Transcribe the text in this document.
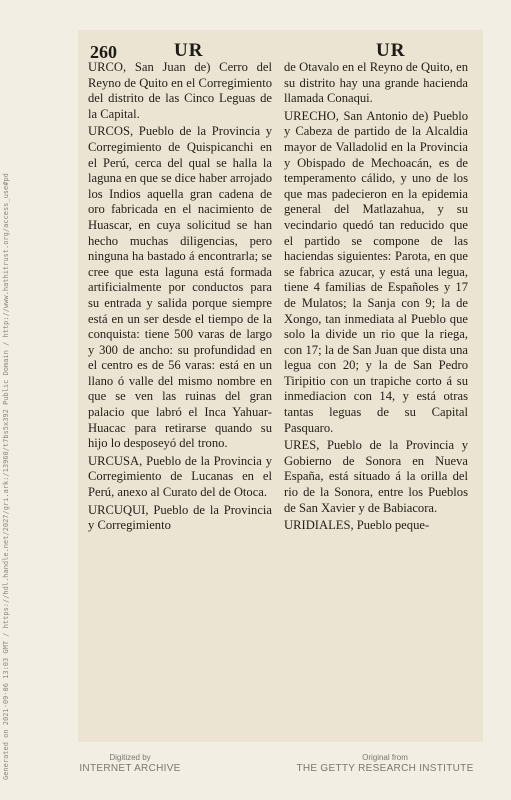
260	UR	UR

URCO, San Juan de) Cerro del Reyno de Quito en el Corregimiento del distrito de las Cinco Leguas de la Capital.

URCOS, Pueblo de la Provincia y Corregimiento de Quispicanchi en el Perú, cerca del qual se halla la laguna en que se dice haber arrojado los Indios aquella gran cadena de oro fabricada en el nacimiento de Huascar, en cuya solicitud se han hecho muchas diligencias, pero ninguna ha bastado á encontrarla; se cree que esta laguna está formada artificialmente por conductos para su entrada y salida porque siempre está en un ser desde el tiempo de la conquista: tiene 500 varas de largo y 300 de ancho: su profundidad en el centro es de 56 varas: está en un llano ó valle del mismo nombre en que se ven las ruinas del gran palacio que labró el Inca Yahuar-Huacac para retirarse quando su hijo lo desposeyó del trono.

URCUSA, Pueblo de la Provincia y Corregimiento de Lucanas en el Perú, anexo al Curato del de Otoca.

URCUQUI, Pueblo de la Provincia y Corregimiento

de Otavalo en el Reyno de Quito, en su distrito hay una grande hacienda llamada Conaqui.

URECHO, San Antonio de) Pueblo y Cabeza de partido de la Alcaldia mayor de Valladolid en la Provincia y Obispado de Mechoacán, es de temperamento cálido, y uno de los que mas padecieron en la epidemia general del Matlazahua, y su vecindario quedó tan reducido que el partido se compone de las haciendas siguientes: Parota, en que se fabrica azucar, y está una legua, tiene 4 familias de Españoles y 17 de Mulatos; la Sanja con 9; la de Xongo, tan inmediata al Pueblo que solo la divide un rio que la riega, con 17; la de San Juan que dista una legua con 20; y la de San Pedro Tiripitio con un trapiche corto á su inmediacion con 14, y está otras tantas leguas de su Capital Pasquaro.

URES, Pueblo de la Provincia y Gobierno de Sonora en Nueva España, está situado á la orilla del rio de la Sonora, entre los Pueblos de San Xavier y de Babiacora.

URIDIALES, Pueblo peque-

Generated on 2021-09-06 13:03 GMT / https://hdl.handle.net/2027/gri.ark:/13960/t7bs5x392 Public Domain / http://www.hathitrust.org/access_use#pd	Digitized by
INTERNET ARCHIVE
Original from
THE GETTY RESEARCH INSTITUTE
